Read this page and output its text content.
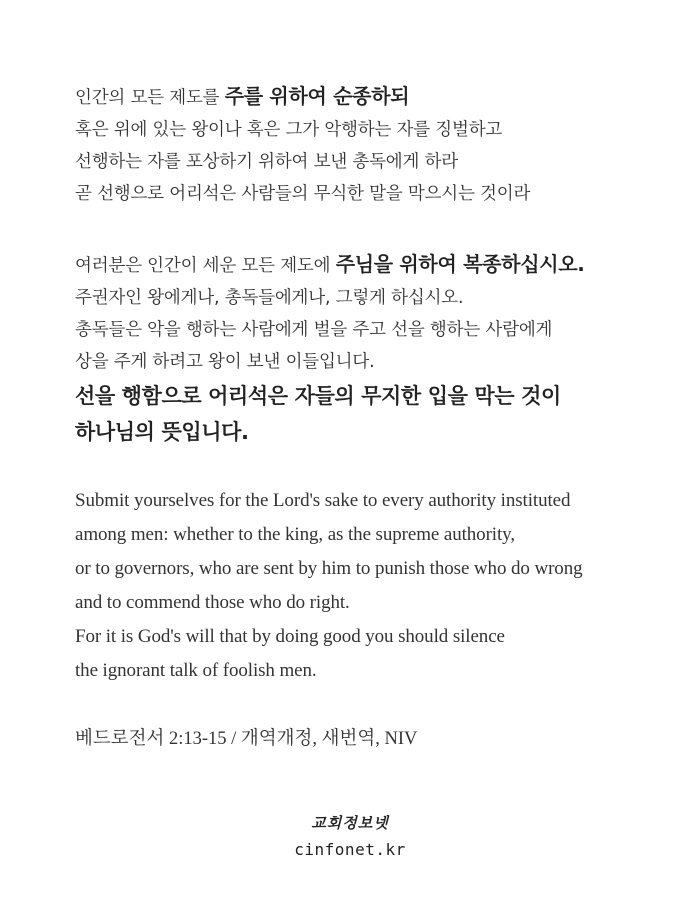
인간의 모든 제도를 주를 위하여 순종하되
혹은 위에 있는 왕이나 혹은 그가 악행하는 자를 징벌하고
선행하는 자를 포상하기 위하여 보낸 총독에게 하라
곧 선행으로 어리석은 사람들의 무식한 말을 막으시는 것이라
여러분은 인간이 세운 모든 제도에 주님을 위하여 복종하십시오.
주권자인 왕에게나, 총독들에게나, 그렇게 하십시오.
총독들은 악을 행하는 사람에게 벌을 주고 선을 행하는 사람에게
상을 주게 하려고 왕이 보낸 이들입니다.
선을 행함으로 어리석은 자들의 무지한 입을 막는 것이
하나님의 뜻입니다.
Submit yourselves for the Lord's sake to every authority instituted
among men: whether to the king, as the supreme authority,
or to governors, who are sent by him to punish those who do wrong
and to commend those who do right.
For it is God's will that by doing good you should silence
the ignorant talk of foolish men.
베드로전서 2:13-15 / 개역개정, 새번역, NIV
교회정보넷
cinfonet.kr
